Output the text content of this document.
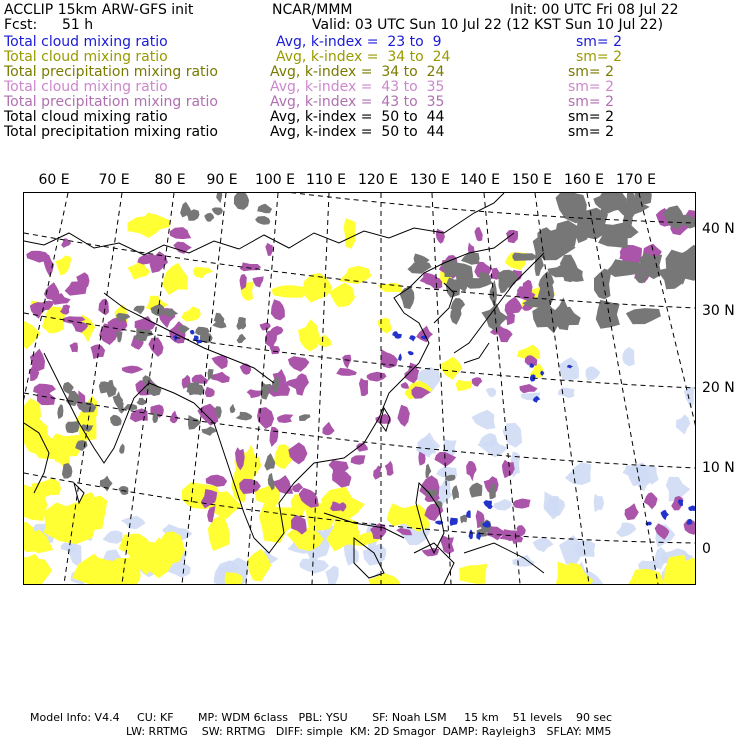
ACCLIP 15km ARW-GFS init	NCAR/MMM	Init: 00 UTC Fri 08 Jul 22
Fcst: 51 h	Valid: 03 UTC Sun 10 Jul 22 (12 KST Sun 10 Jul 22)
Total cloud mixing ratio	Avg, k-index =  23 to  9	sm= 2
Total cloud mixing ratio	Avg, k-index =  34 to  24	sm= 2
Total precipitation mixing ratio	Avg, k-index =  34 to  24	sm= 2
Total cloud mixing ratio	Avg, k-index =  43 to  35	sm= 2
Total precipitation mixing ratio	Avg, k-index =  43 to  35	sm= 2
Total cloud mixing ratio	Avg, k-index =  50 to  44	sm= 2
Total precipitation mixing ratio	Avg, k-index =  50 to  44	sm= 2
60 E 70 E 80 E 90 E 100 E 110 E 120 E 130 E 140 E 150 E 160 E 170 E
40 N
30 N
20 N
10 N
0
Model Info: V4.4     CU: KF       MP: WDM 6class   PBL: YSU       SF: Noah LSM     15 km    51 levels    90 sec
LW: RRTMG    SW: RRTMG   DIFF: simple  KM: 2D Smagor  DAMP: Rayleigh3   SFLAY: MM5
